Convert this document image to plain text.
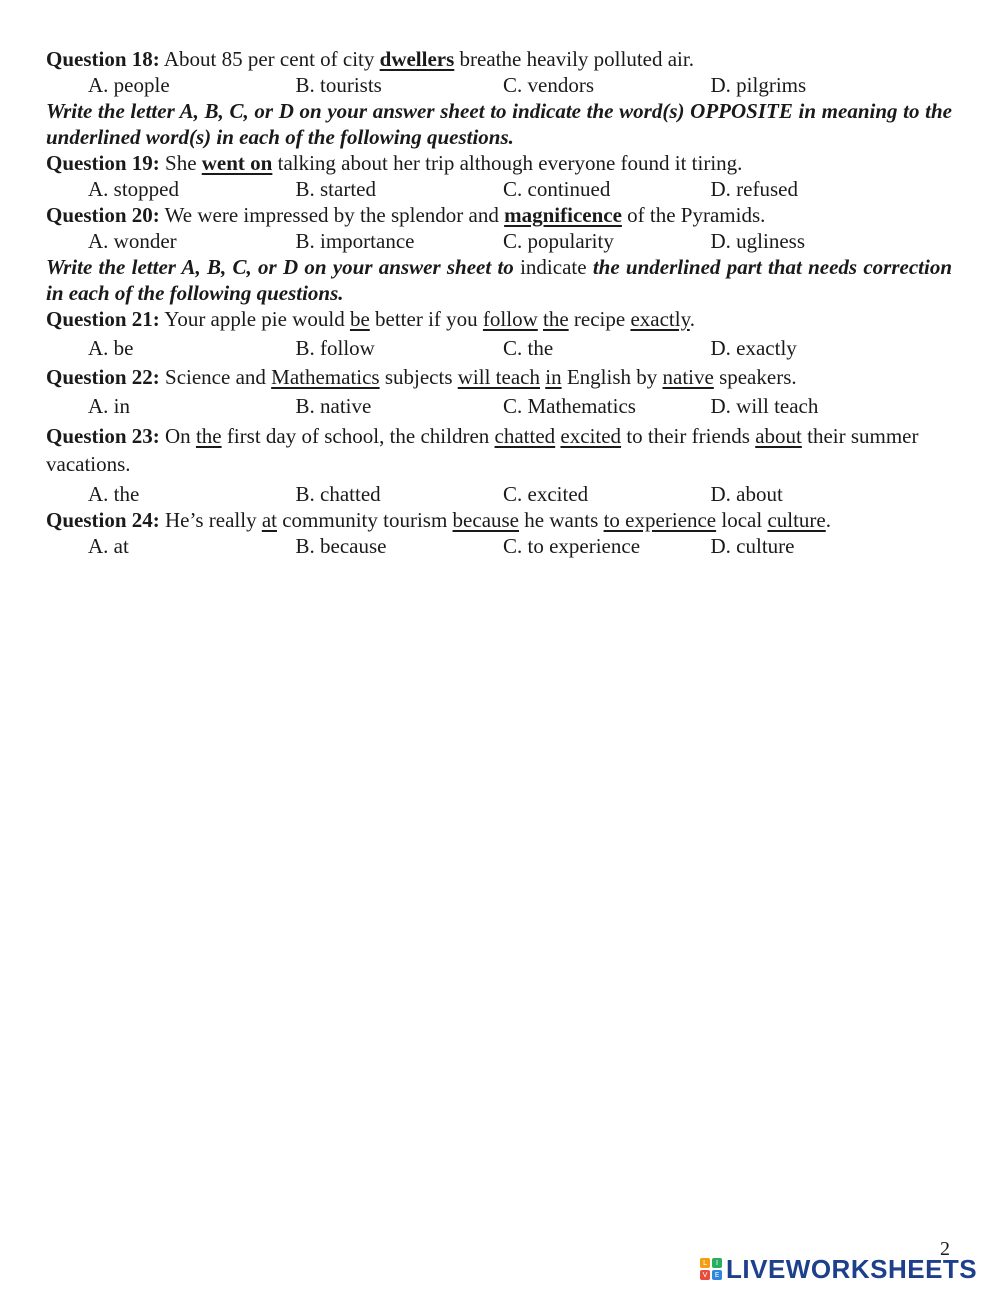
Question 18: About 85 per cent of city dwellers breathe heavily polluted air.

A. people	B. tourists	C. vendors	D. pilgrims

Write the letter A, B, C, or D on your answer sheet to indicate the word(s) OPPOSITE in meaning to the underlined word(s) in each of the following questions.

Question 19: She went on talking about her trip although everyone found it tiring.

A. stopped	B. started	C. continued	D. refused

Question 20: We were impressed by the splendor and magnificence of the Pyramids.

A. wonder	B. importance	C. popularity	D. ugliness

Write the letter A, B, C, or D on your answer sheet to indicate the underlined part that needs correction in each of the following questions.

Question 21: Your apple pie would be better if you follow the recipe exactly.

A. be	B. follow	C. the	D. exactly

Question 22: Science and Mathematics subjects will teach in English by native speakers.

A. in	B. native	C. Mathematics	D. will teach

Question 23: On the first day of school, the children chatted excited to their friends about their summer vacations.

A. the	B. chatted	C. excited	D. about

Question 24: He’s really at community tourism because he wants to experience local culture.

A. at	B. because	C. to experience	D. culture
2
L	I
V	E LIVEWORKSHEETS
